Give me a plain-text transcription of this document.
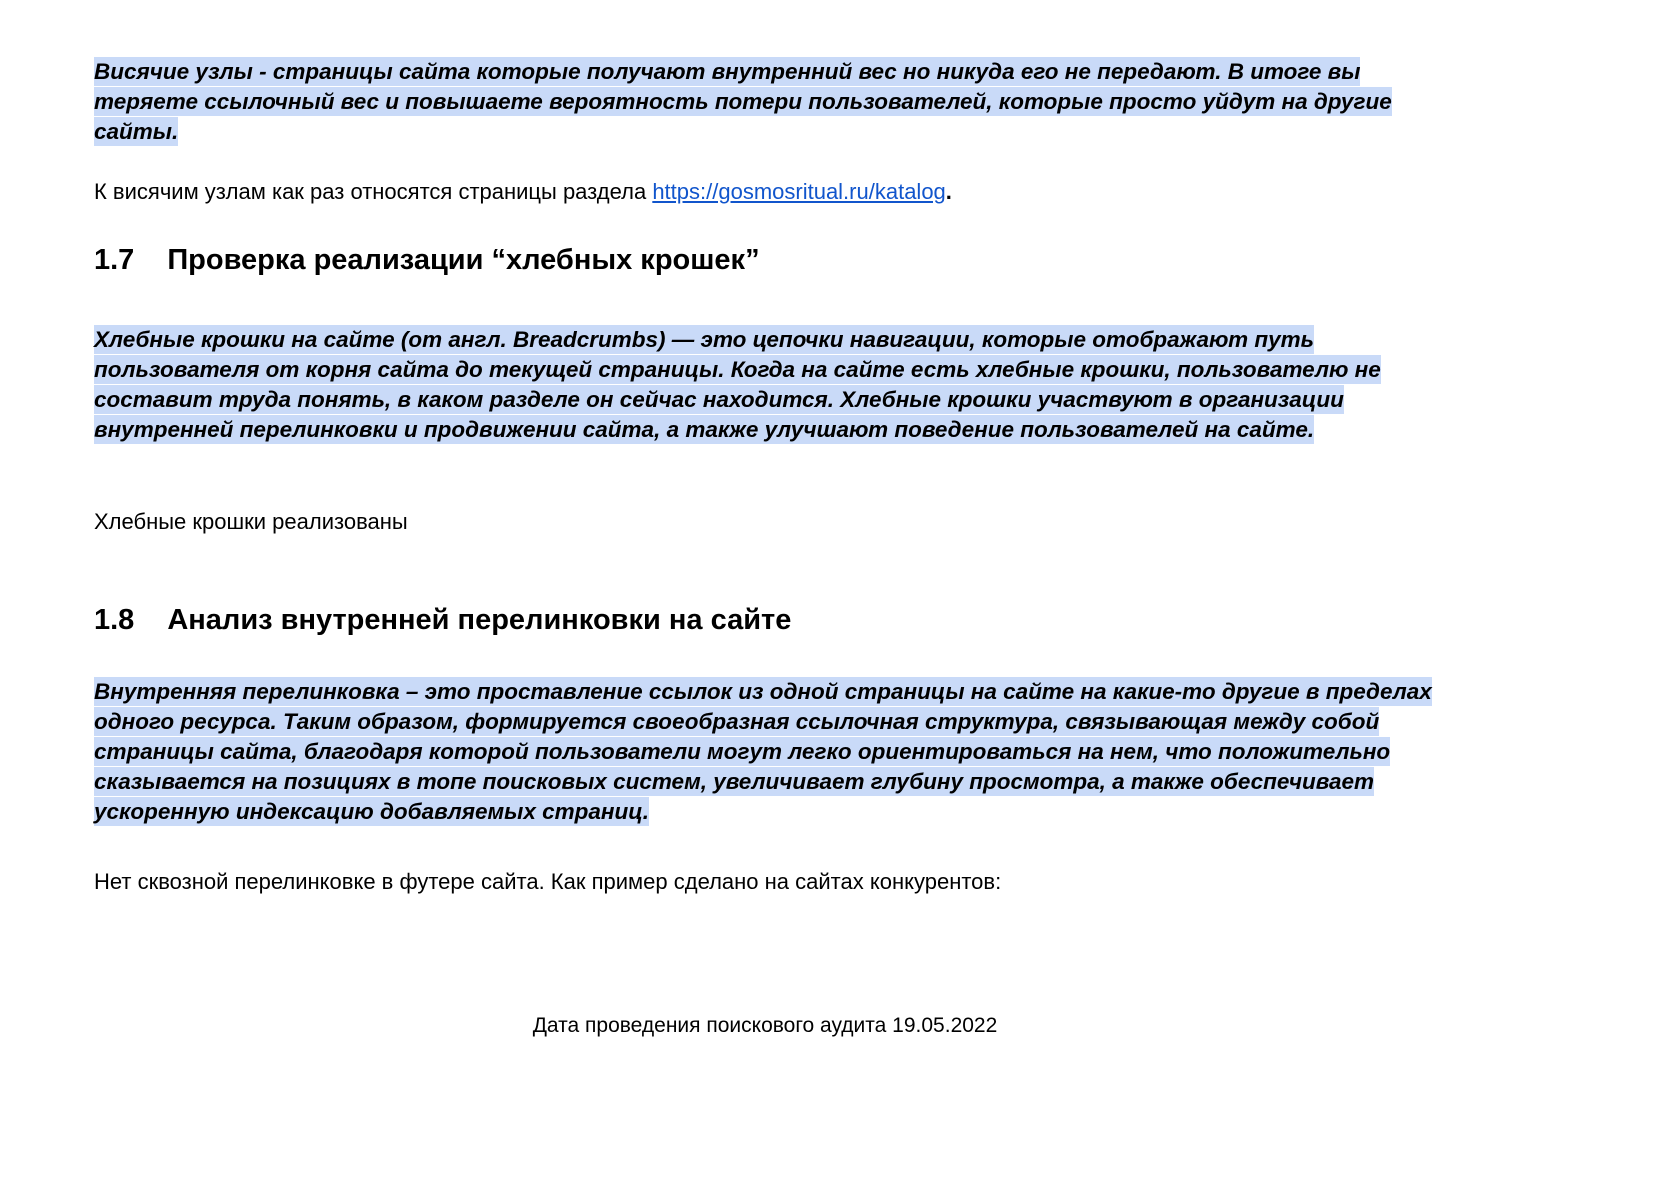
Висячие узлы - страницы сайта которые получают внутренний вес но никуда его не передают. В итоге вы теряете ссылочный вес и повышаете вероятность потери пользователей, которые просто уйдут на другие сайты.

К висячим узлам как раз относятся страницы раздела https://gosmosritual.ru/katalog.

1.7 Проверка реализации “хлебных крошек”

Хлебные крошки на сайте (от англ. Breadcrumbs) — это цепочки навигации, которые отображают путь пользователя от корня сайта до текущей страницы. Когда на сайте есть хлебные крошки, пользователю не составит труда понять, в каком разделе он сейчас находится. Хлебные крошки участвуют в организации внутренней перелинковки и продвижении сайта, а также улучшают поведение пользователей на сайте.

Хлебные крошки реализованы

1.8 Анализ внутренней перелинковки на сайте

Внутренняя перелинковка – это проставление ссылок из одной страницы на сайте на какие-то другие в пределах одного ресурса. Таким образом, формируется своеобразная ссылочная структура, связывающая между собой страницы сайта, благодаря которой пользователи могут легко ориентироваться на нем, что положительно сказывается на позициях в топе поисковых систем, увеличивает глубину просмотра, а также обеспечивает ускоренную индексацию добавляемых страниц.

Нет сквозной перелинковке в футере сайта. Как пример сделано на сайтах конкурентов:

Дата проведения поискового аудита 19.05.2022
